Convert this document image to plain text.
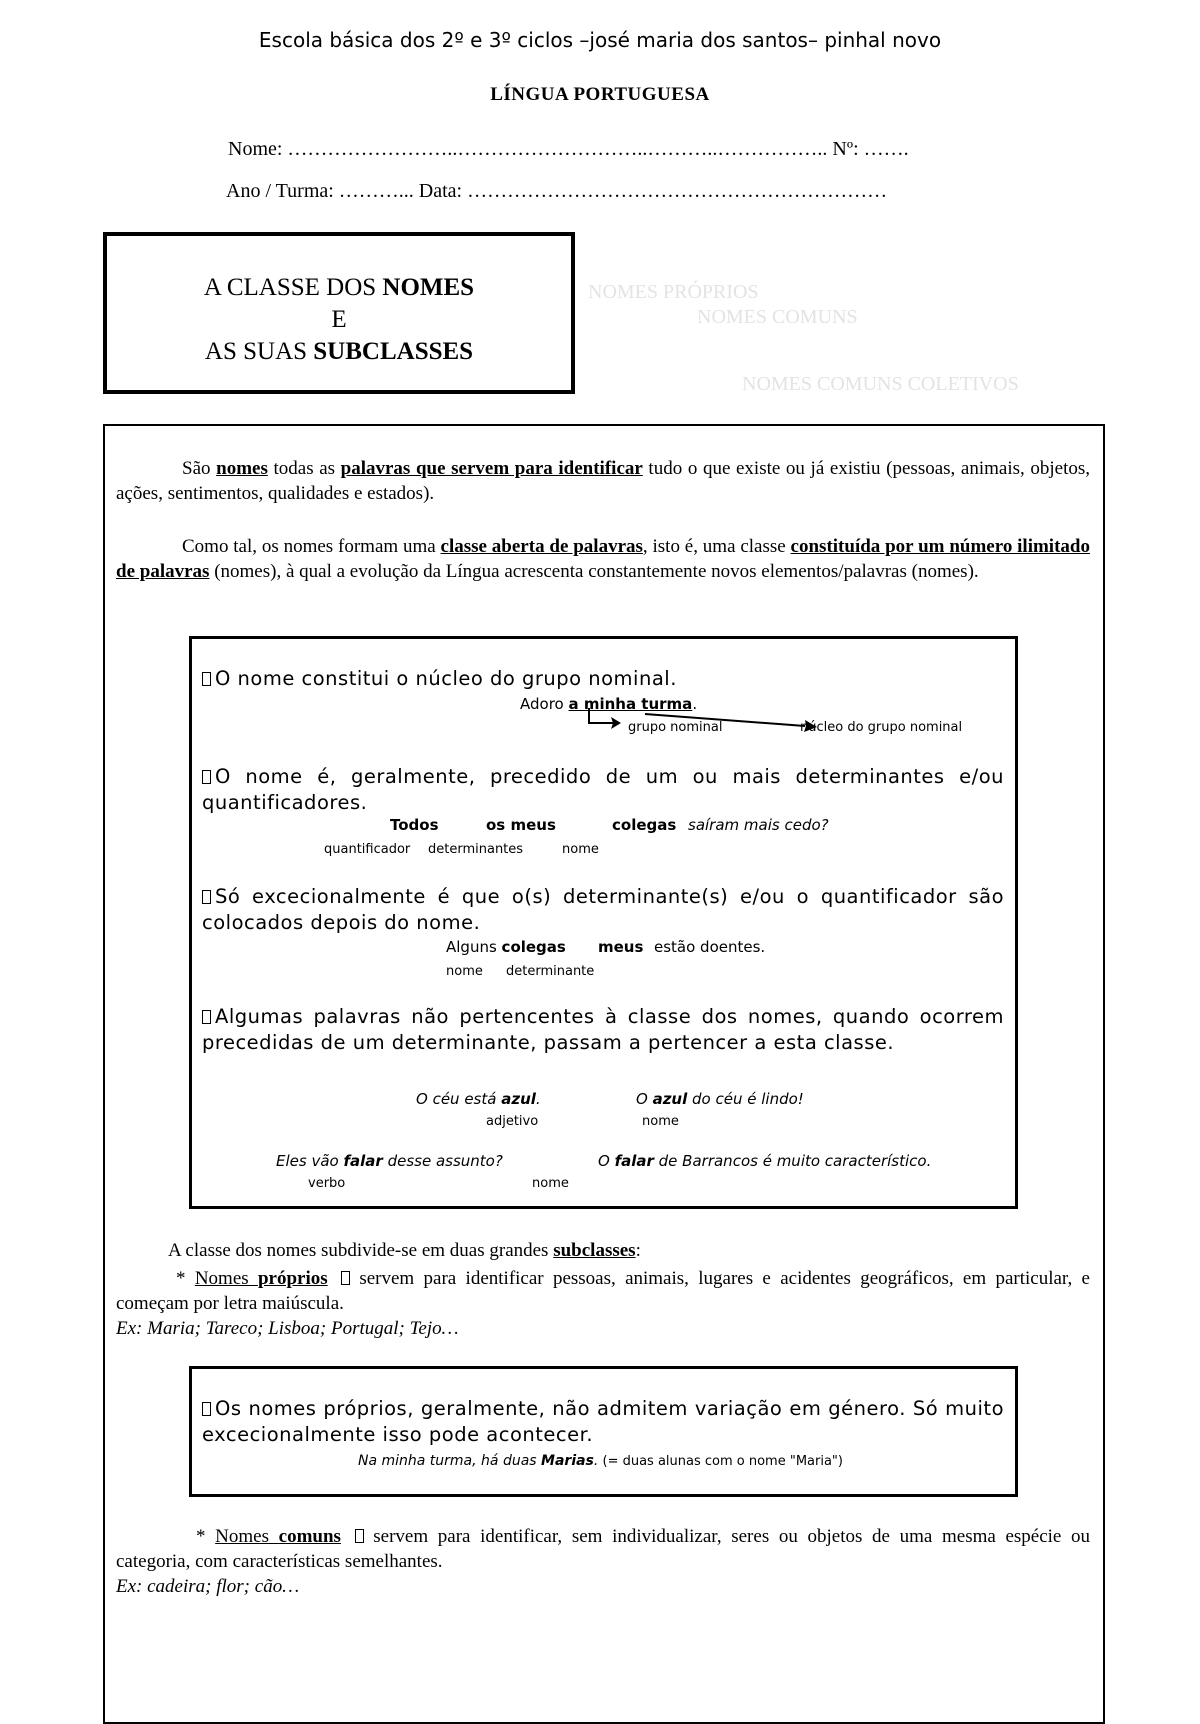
Escola básica dos 2º e 3º ciclos –josé maria dos santos– pinhal novo
LÍNGUA PORTUGUESA
Nome: ……………………..………………………..………..…………….. Nº: …….
Ano / Turma: ………... Data: ………………………………………………………
A CLASSE DOS NOMES
E
AS SUAS SUBCLASSES
NOMES PRÓPRIOS
NOMES COMUNS
NOMES COMUNS COLETIVOS
São nomes todas as palavras que servem para identificar tudo o que existe ou já existiu (pessoas, animais, objetos, ações, sentimentos, qualidades e estados).
Como tal, os nomes formam uma classe aberta de palavras, isto é, uma classe constituída por um número ilimitado de palavras (nomes), à qual a evolução da Língua acrescenta constantemente novos elementos/palavras (nomes).
O nome constitui o núcleo do grupo nominal.
Adoro a minha turma.
grupo nominal	núcleo do grupo nominal
O nome é, geralmente, precedido de um ou mais determinantes e/ou quantificadores.
Todos	os meus	colegas saíram mais cedo?
quantificador determinantes	nome
Só excecionalmente é que o(s) determinante(s) e/ou o quantificador são colocados depois do nome.
Alguns colegas meus estão doentes.
nome determinante
Algumas palavras não pertencentes à classe dos nomes, quando ocorrem precedidas de um determinante, passam a pertencer a esta classe.
O céu está azul.
adjetivo
O azul do céu é lindo!
nome
Eles vão falar desse assunto?
verbo
O falar de Barrancos é muito característico.
nome
A classe dos nomes subdivide-se em duas grandes subclasses:
* Nomes próprios  servem para identificar pessoas, animais, lugares e acidentes geográficos, em particular, e começam por letra maiúscula.
Ex: Maria; Tareco; Lisboa; Portugal; Tejo…
Os nomes próprios, geralmente, não admitem variação em género. Só muito excecionalmente isso pode acontecer.
Na minha turma, há duas Marias. (= duas alunas com o nome "Maria")
* Nomes comuns  servem para identificar, sem individualizar, seres ou objetos de uma mesma espécie ou categoria, com características semelhantes.
Ex: cadeira; flor; cão…
